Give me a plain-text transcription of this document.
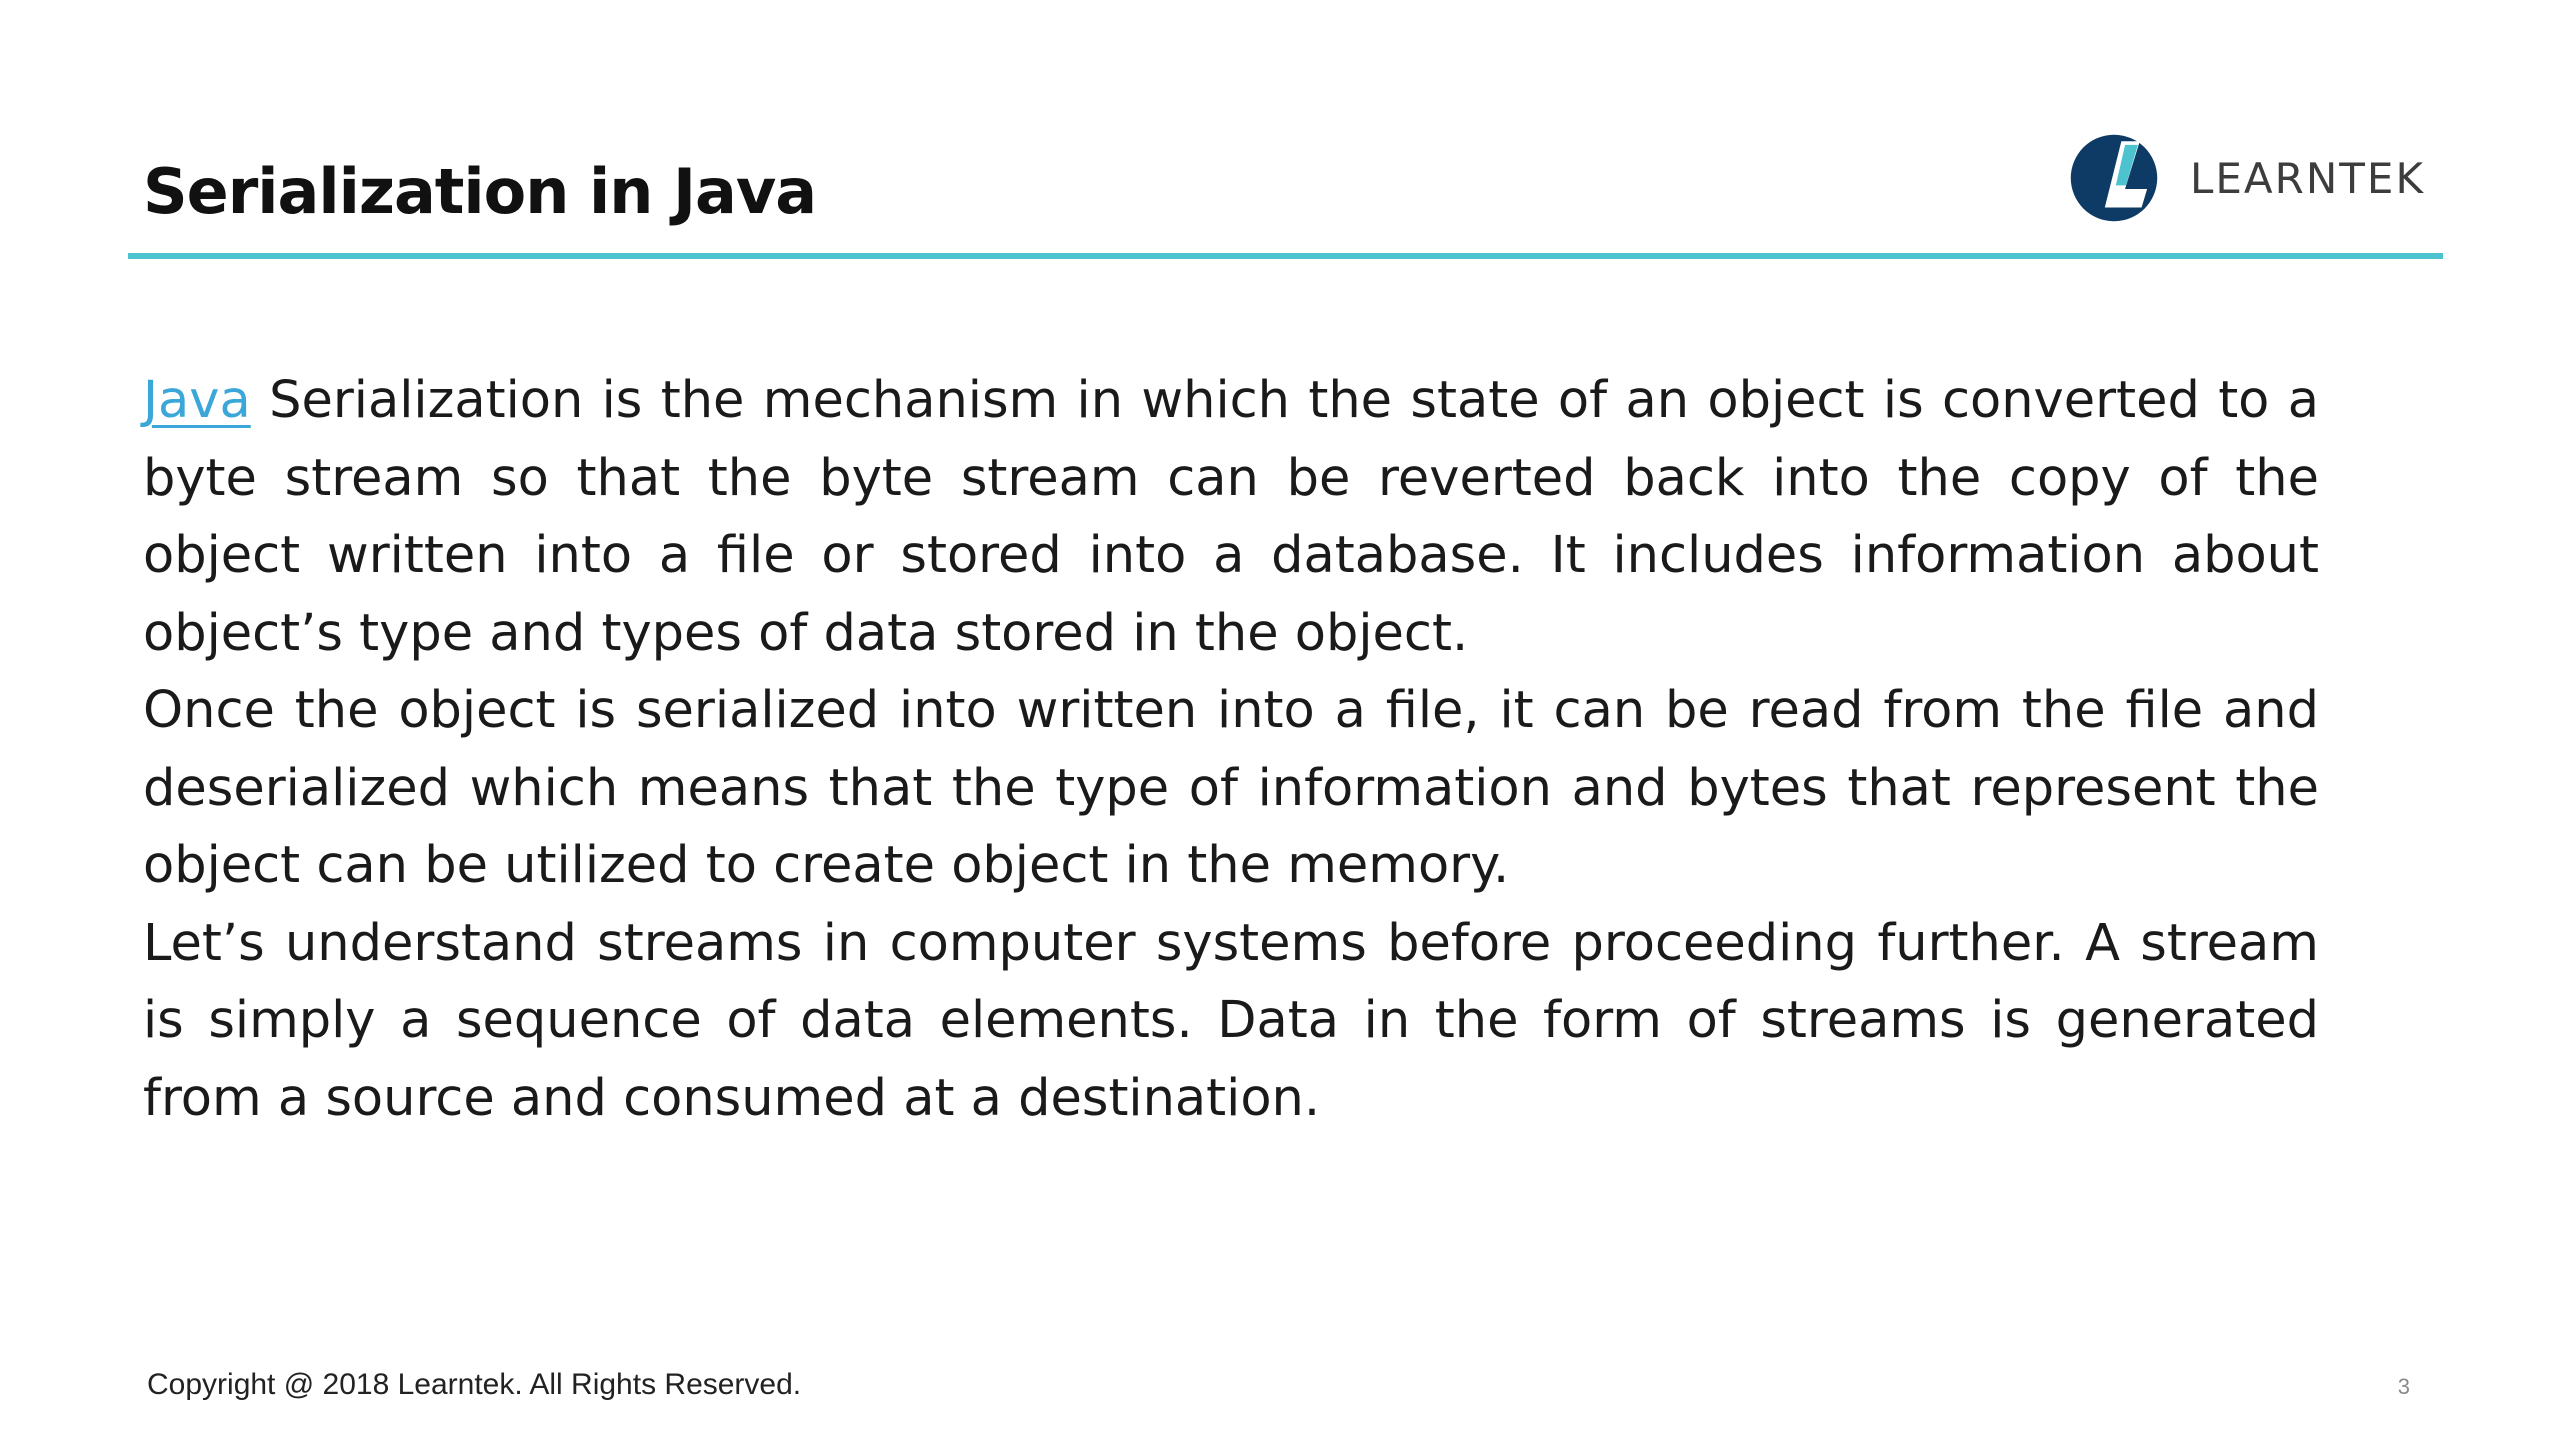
Serialization in Java	LEARNTEK

Java Serialization is the mechanism in which the state of an object is converted to a byte stream so that the byte stream can be reverted back into the copy of the object written into a file or stored into a database. It includes information about object’s type and types of data stored in the object.

Once the object is serialized into written into a file, it can be read from the file and deserialized which means that the type of information and bytes that represent the object can be utilized to create object in the memory.

Let’s understand streams in computer systems before proceeding further. A stream is simply a sequence of data elements. Data in the form of streams is generated from a source and consumed at a destination.

Copyright @ 2018 Learntek. All Rights Reserved.	3
